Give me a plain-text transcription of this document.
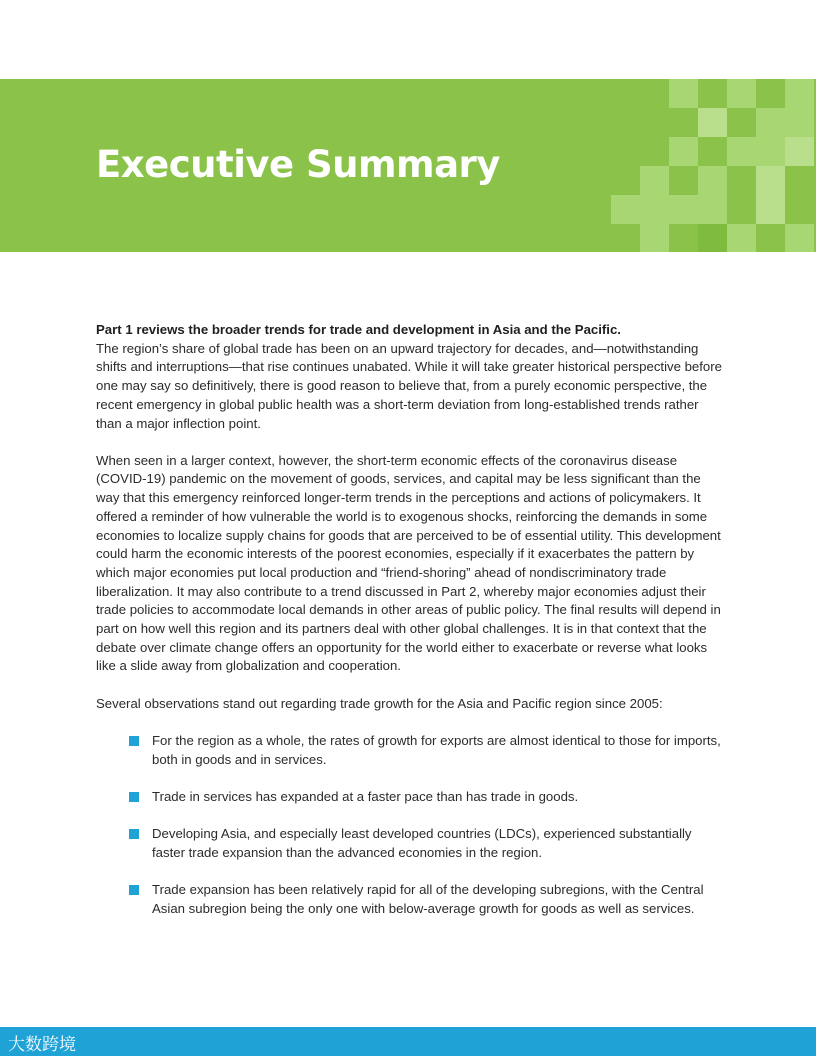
Executive Summary

Part 1 reviews the broader trends for trade and development in Asia and the Pacific.
The region’s share of global trade has been on an upward trajectory for decades, and—notwithstanding shifts and interruptions—that rise continues unabated. While it will take greater historical perspective before one may say so definitively, there is good reason to believe that, from a purely economic perspective, the recent emergency in global public health was a short-term deviation from long-established trends rather than a major inflection point.

When seen in a larger context, however, the short-term economic effects of the coronavirus disease (COVID-19) pandemic on the movement of goods, services, and capital may be less significant than the way that this emergency reinforced longer-term trends in the perceptions and actions of policymakers. It offered a reminder of how vulnerable the world is to exogenous shocks, reinforcing the demands in some economies to localize supply chains for goods that are perceived to be of essential utility. This development could harm the economic interests of the poorest economies, especially if it exacerbates the pattern by which major economies put local production and “friend-shoring” ahead of nondiscriminatory trade liberalization. It may also contribute to a trend discussed in Part 2, whereby major economies adjust their trade policies to accommodate local demands in other areas of public policy. The final results will depend in part on how well this region and its partners deal with other global challenges. It is in that context that the debate over climate change offers an opportunity for the world either to exacerbate or reverse what looks like a slide away from globalization and cooperation.

Several observations stand out regarding trade growth for the Asia and Pacific region since 2005:

For the region as a whole, the rates of growth for exports are almost identical to those for imports, both in goods and in services.
Trade in services has expanded at a faster pace than has trade in goods.
Developing Asia, and especially least developed countries (LDCs), experienced substantially faster trade expansion than the advanced economies in the region.
Trade expansion has been relatively rapid for all of the developing subregions, with the Central Asian subregion being the only one with below-average growth for goods as well as services.
大数跨境
